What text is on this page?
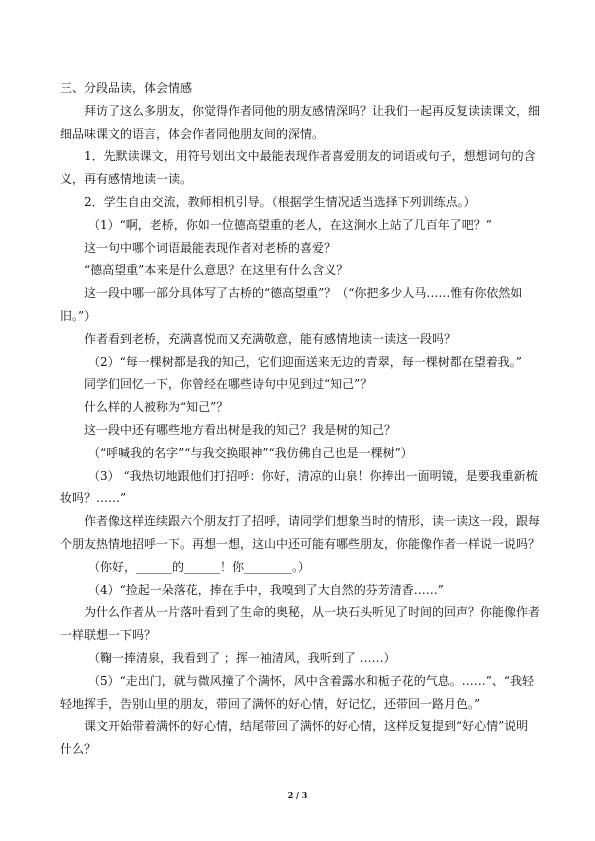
三、分段品读，体会情感
拜访了这么多朋友，你觉得作者同他的朋友感情深吗？让我们一起再反复读读课文，细
细品味课文的语言，体会作者同他朋友间的深情。
1．先默读课文，用符号划出文中最能表现作者喜爱朋友的词语或句子，想想词句的含
义，再有感情地读一读。
2．学生自由交流，教师相机引导。（根据学生情况适当选择下列训练点。）
（1）“啊，老桥，你如一位德高望重的老人，在这涧水上站了几百年了吧？”
这一句中哪个词语最能表现作者对老桥的喜爱？
“德高望重”本来是什么意思？在这里有什么含义？
这一段中哪一部分具体写了古桥的“德高望重”？（“你把多少人马……惟有你依然如
旧。”）
作者看到老桥，充满喜悦而又充满敬意，能有感情地读一读这一段吗？
（2）“每一棵树都是我的知己，它们迎面送来无边的青翠，每一棵树都在望着我。”
同学们回忆一下，你曾经在哪些诗句中见到过“知己”？
什么样的人被称为“知己”？
这一段中还有哪些地方看出树是我的知己？我是树的知己？
（“呼喊我的名字”“与我交换眼神”“我仿佛自己也是一棵树”）
（3） “我热切地跟他们打招呼：你好，清凉的山泉！你捧出一面明镜，是要我重新梳
妆吗？……”
作者像这样连续跟六个朋友打了招呼，请同学们想象当时的情形，读一读这一段，跟每
个朋友热情地招呼一下。再想一想，这山中还可能有哪些朋友，你能像作者一样说一说吗？
（你好，______的______！你________。）
（4）“捡起一朵落花，捧在手中，我嗅到了大自然的芬芳清香……”
为什么作者从一片落叶看到了生命的奥秘，从一块石头听见了时间的回声？你能像作者
一样联想一下吗？
（鞠一捧清泉，我看到了 ；挥一袖清风，我听到了 ……）
（5）“走出门，就与微风撞了个满怀，风中含着露水和栀子花的气息。……”、“我轻
轻地挥手，告别山里的朋友，带回了满怀的好心情，好记忆，还带回一路月色。”
课文开始带着满怀的好心情，结尾带回了满怀的好心情，这样反复提到“好心情”说明
什么？
2 / 3
